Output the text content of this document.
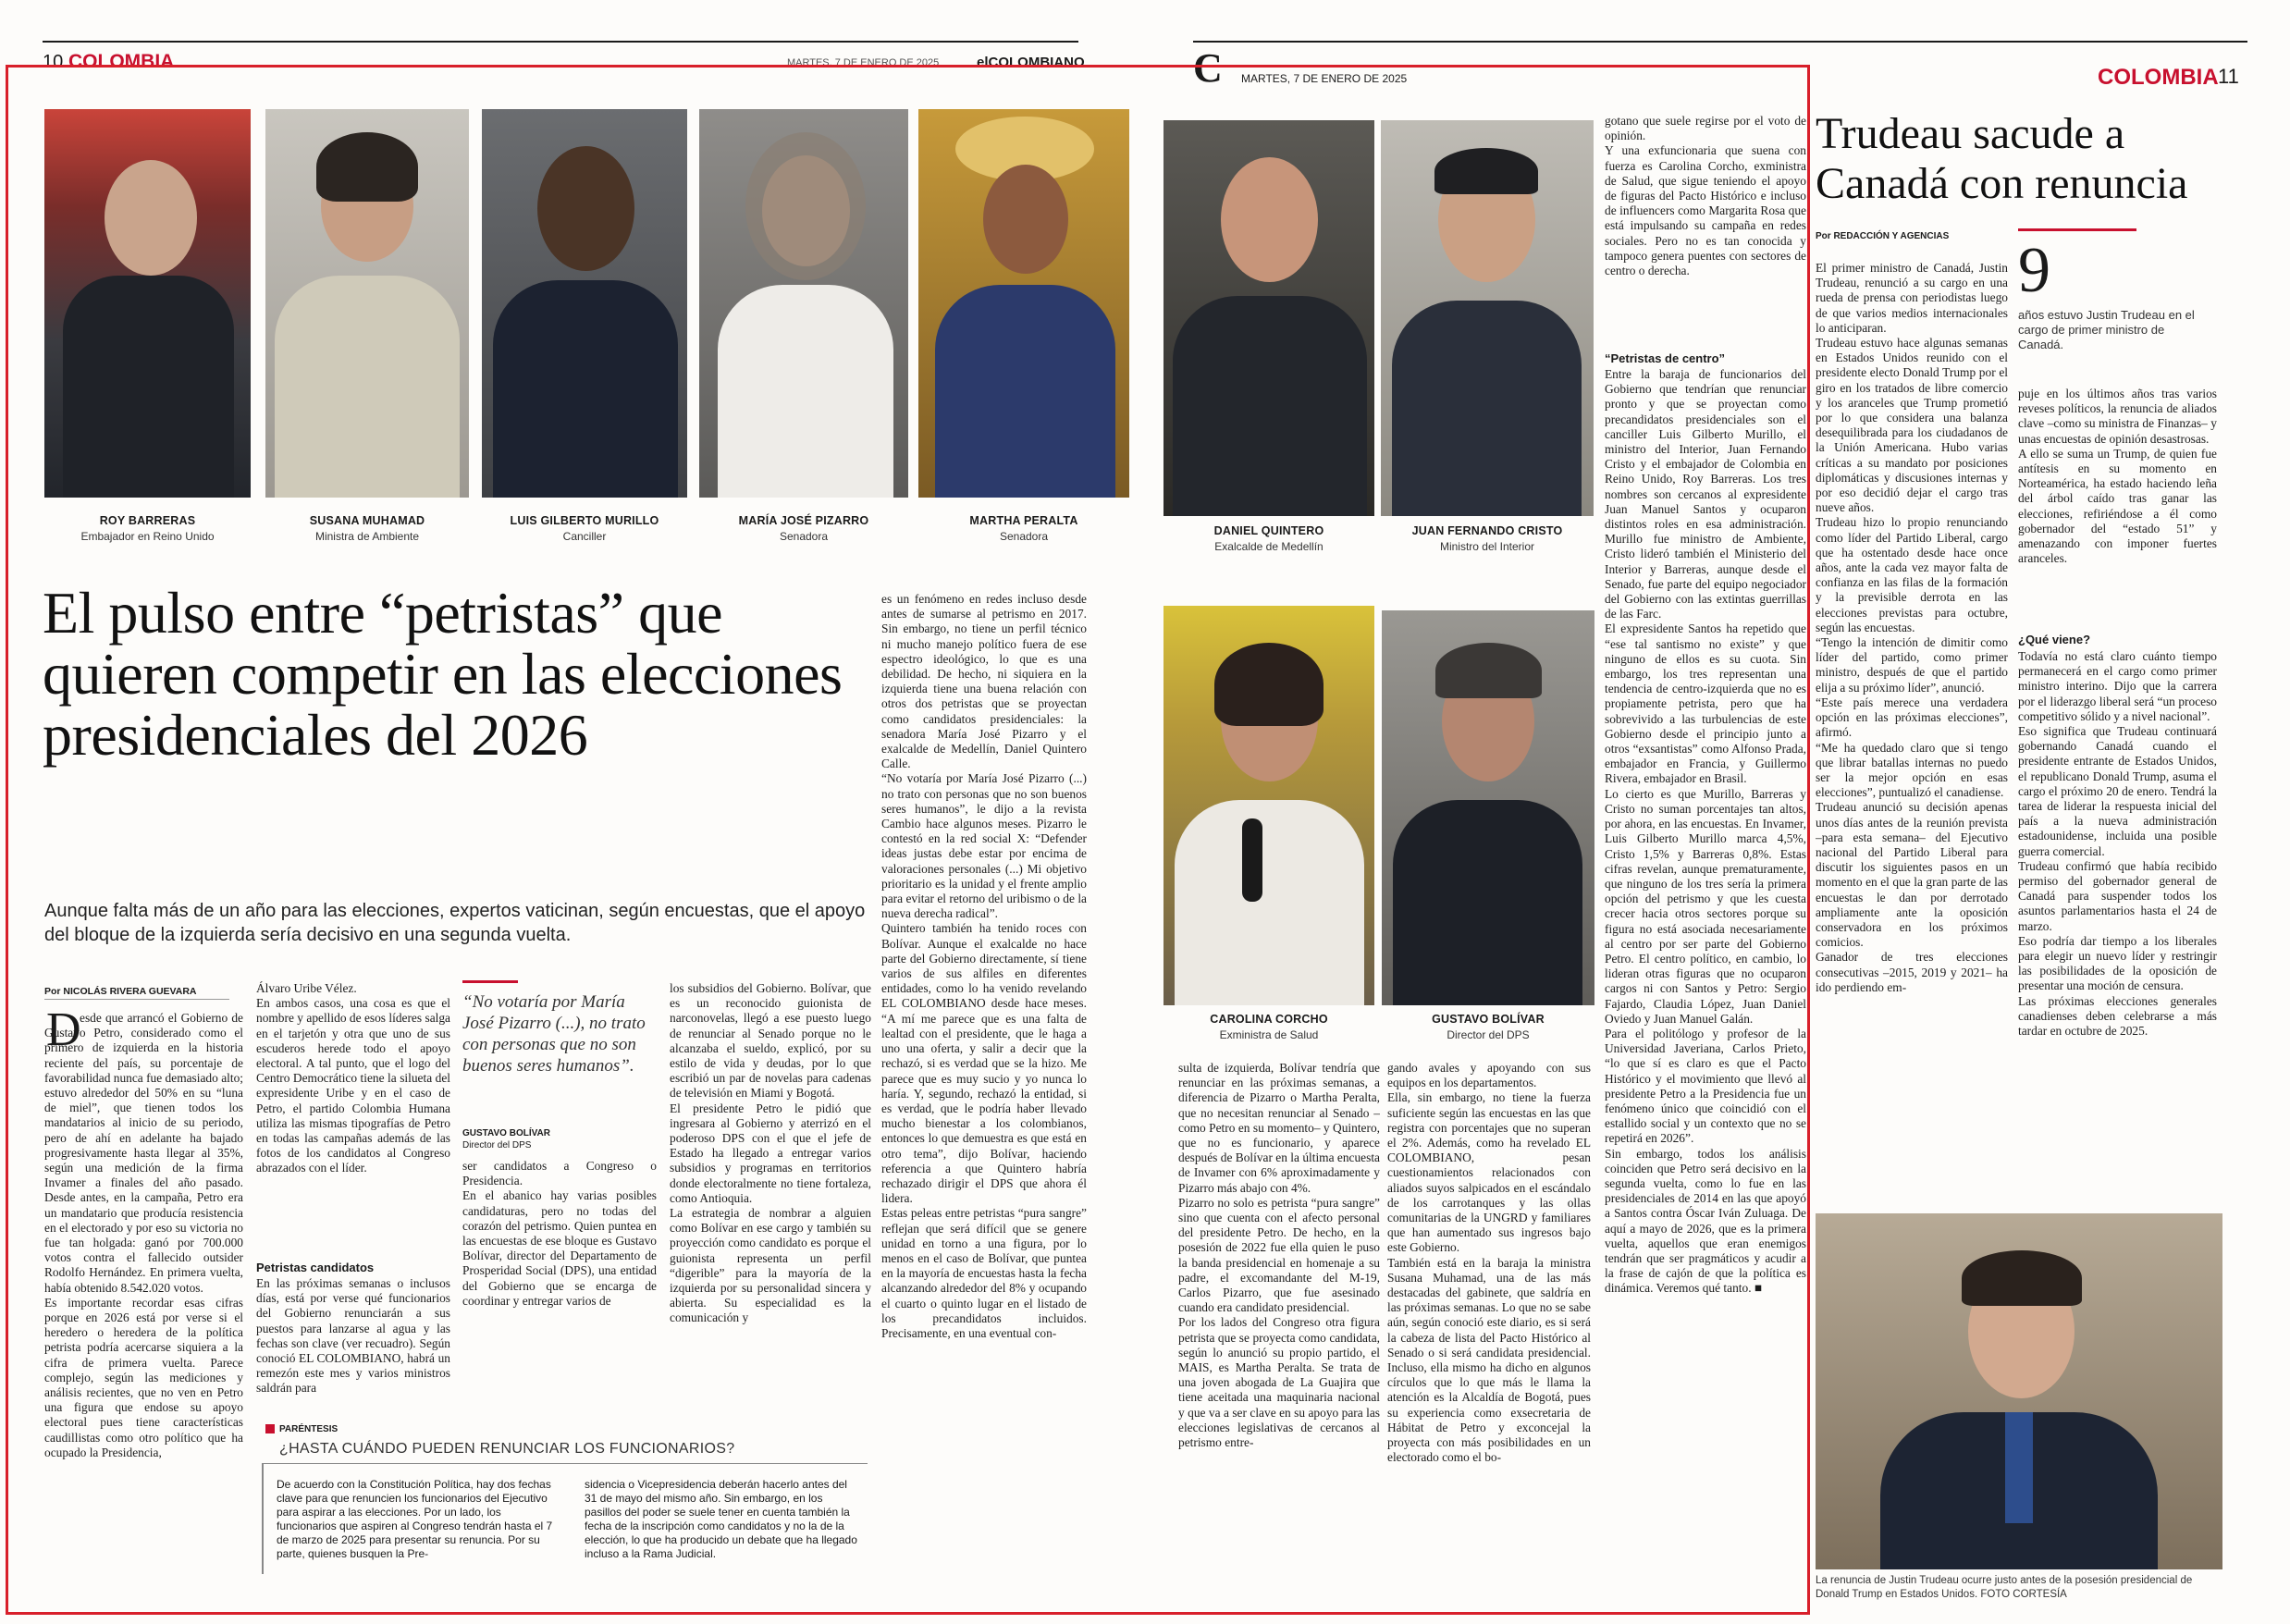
10 COLOMBIA	MARTES, 7 DE ENERO DE 2025	elCOLOMBIANO	C MARTES, 7 DE ENERO DE 2025	COLOMBIA 11
ROY BARRERAS
Embajador en Reino Unido
SUSANA MUHAMAD
Ministra de Ambiente
LUIS GILBERTO MURILLO
Canciller
MARÍA JOSÉ PIZARRO
Senadora
MARTHA PERALTA
Senadora	DANIEL QUINTERO
Exalcalde de Medellín
JUAN FERNANDO CRISTO
Ministro del Interior
CAROLINA CORCHO
Exministra de Salud
GUSTAVO BOLÍVAR
Director del DPS
El pulso entre “petristas” que quieren competir en las elecciones presidenciales del 2026
Aunque falta más de un año para las elecciones, expertos vaticinan, según encuestas, que el apoyo del bloque de la izquierda sería decisivo en una segunda vuelta.
Por NICOLÁS RIVERA GUEVARA
D
esde que arrancó el Gobierno de Gustavo Petro, considerado como el primero de izquierda en la historia reciente del país, su porcentaje de favorabilidad nunca fue demasiado alto; estuvo alrededor del 50% en su “luna de miel”, que tienen todos los mandatarios al inicio de su periodo, pero de ahí en adelante ha bajado progresivamente hasta llegar al 35%, según una medición de la firma Invamer a finales del año pasado. Desde antes, en la campaña, Petro era un mandatario que producía resistencia en el electorado y por eso su victoria no fue tan holgada: ganó por 700.000 votos contra el fallecido outsider Rodolfo Hernández. En primera vuelta, había obtenido 8.542.020 votos.
Es importante recordar esas cifras porque en 2026 está por verse si el heredero o heredera de la política petrista podría acercarse siquiera a la cifra de primera vuelta. Parece complejo, según las mediciones y análisis recientes, que no ven en Petro una figura que endose su apoyo electoral pues tiene características caudillistas como otro político que ha ocupado la Presidencia,
Álvaro Uribe Vélez.
En ambos casos, una cosa es que el nombre y apellido de esos líderes salga en el tarjetón y otra que uno de sus escuderos herede todo el apoyo electoral. A tal punto, que el logo del Centro Democrático tiene la silueta del expresidente Uribe y en el caso de Petro, el partido Colombia Humana utiliza las mismas tipografías de Petro en todas las campañas además de las fotos de los candidatos al Congreso abrazados con el líder.
Petristas candidatos
En las próximas semanas o inclusos días, está por verse qué funcionarios del Gobierno renunciarán a sus puestos para lanzarse al agua y las fechas son clave (ver recuadro). Según conoció EL COLOMBIANO, habrá un remezón este mes y varios ministros saldrán para
“No votaría por María José Pizarro (...), no trato con personas que no son buenos seres humanos”.
GUSTAVO BOLÍVAR
Director del DPS
ser candidatos a Congreso o Presidencia.
En el abanico hay varias posibles candidaturas, pero no todas del corazón del petrismo. Quien puntea en las encuestas de ese bloque es Gustavo Bolívar, director del Departamento de Prosperidad Social (DPS), una entidad del Gobierno que se encarga de coordinar y entregar varios de
los subsidios del Gobierno. Bolívar, que es un reconocido guionista de narconovelas, llegó a ese puesto luego de renunciar al Senado porque no le alcanzaba el sueldo, explicó, por su estilo de vida y deudas, por lo que escribió un par de novelas para cadenas de televisión en Miami y Bogotá.
El presidente Petro le pidió que ingresara al Gobierno y aterrizó en el poderoso DPS con el que el jefe de Estado ha llegado a entregar varios subsidios y programas en territorios donde electoralmente no tiene fortaleza, como Antioquia.
La estrategia de nombrar a alguien como Bolívar en ese cargo y también su proyección como candidato es porque el guionista representa un perfil “digerible” para la mayoría de la izquierda por su personalidad sincera y abierta. Su especialidad es la comunicación y
es un fenómeno en redes incluso desde antes de sumarse al petrismo en 2017. Sin embargo, no tiene un perfil técnico ni mucho manejo político fuera de ese espectro ideológico, lo que es una debilidad. De hecho, ni siquiera en la izquierda tiene una buena relación con otros dos petristas que se proyectan como candidatos presidenciales: la senadora María José Pizarro y el exalcalde de Medellín, Daniel Quintero Calle.
“No votaría por María José Pizarro (...) no trato con personas que no son buenos seres humanos”, le dijo a la revista Cambio hace algunos meses. Pizarro le contestó en la red social X: “Defender ideas justas debe estar por encima de valoraciones personales (...) Mi objetivo prioritario es la unidad y el frente amplio para evitar el retorno del uribismo o de la nueva derecha radical”.
Quintero también ha tenido roces con Bolívar. Aunque el exalcalde no hace parte del Gobierno directamente, sí tiene varios de sus alfiles en diferentes entidades, como lo ha venido revelando EL COLOMBIANO desde hace meses. “A mí me parece que es una falta de lealtad con el presidente, que le haga a uno una oferta, y salir a decir que la rechazó, si es verdad que se la hizo. Me parece que es muy sucio y yo nunca lo haría. Y, segundo, rechazó la entidad, si es verdad, que le podría haber llevado mucho bienestar a los colombianos, entonces lo que demuestra es que está en otro tema”, dijo Bolívar, haciendo referencia a que Quintero habría rechazado dirigir el DPS que ahora él lidera.
Estas peleas entre petristas “pura sangre” reflejan que será difícil que se genere unidad en torno a una figura, por lo menos en el caso de Bolívar, que puntea en la mayoría de encuestas hasta la fecha alcanzando alrededor del 8% y ocupando el cuarto o quinto lugar en el listado de los precandidatos incluidos. Precisamente, en una eventual con-
sulta de izquierda, Bolívar tendría que renunciar en las próximas semanas, a diferencia de Pizarro o Martha Peralta, que no necesitan renunciar al Senado –como Petro en su momento– y Quintero, que no es funcionario, y aparece después de Bolívar en la última encuesta de Invamer con 6% aproximadamente y Pizarro más abajo con 4%.
Pizarro no solo es petrista “pura sangre” sino que cuenta con el afecto personal del presidente Petro. De hecho, en la posesión de 2022 fue ella quien le puso la banda presidencial en homenaje a su padre, el excomandante del M-19, Carlos Pizarro, que fue asesinado cuando era candidato presidencial.
Por los lados del Congreso otra figura petrista que se proyecta como candidata, según lo anunció su propio partido, el MAIS, es Martha Peralta. Se trata de una joven abogada de La Guajira que tiene aceitada una maquinaria nacional y que va a ser clave en su apoyo para las elecciones legislativas de cercanos al petrismo entre-
gando avales y apoyando con sus equipos en los departamentos.
Ella, sin embargo, no tiene la fuerza suficiente según las encuestas en las que registra con porcentajes que no superan el 2%. Además, como ha revelado EL COLOMBIANO, pesan cuestionamientos relacionados con aliados suyos salpicados en el escándalo de los carrotanques y las ollas comunitarias de la UNGRD y familiares que han aumentado sus ingresos bajo este Gobierno.
También está en la baraja la ministra Susana Muhamad, una de las más destacadas del gabinete, que saldría en las próximas semanas. Lo que no se sabe aún, según conoció este diario, es si será la cabeza de lista del Pacto Histórico al Senado o si será candidata presidencial. Incluso, ella mismo ha dicho en algunos círculos que lo que más le llama la atención es la Alcaldía de Bogotá, pues su experiencia como exsecretaria de Hábitat de Petro y exconcejal la proyecta con más posibilidades en un electorado como el bo-
gotano que suele regirse por el voto de opinión.
Y una exfuncionaria que suena con fuerza es Carolina Corcho, exministra de Salud, que sigue teniendo el apoyo de figuras del Pacto Histórico e incluso de influencers como Margarita Rosa que está impulsando su campaña en redes sociales. Pero no es tan conocida y tampoco genera puentes con sectores de centro o derecha.
“Petristas de centro”
Entre la baraja de funcionarios del Gobierno que tendrían que renunciar pronto y que se proyectan como precandidatos presidenciales son el canciller Luis Gilberto Murillo, el ministro del Interior, Juan Fernando Cristo y el embajador de Colombia en Reino Unido, Roy Barreras. Los tres nombres son cercanos al expresidente Juan Manuel Santos y ocuparon distintos roles en esa administración. Murillo fue ministro de Ambiente, Cristo lideró también el Ministerio del Interior y Barreras, aunque desde el Senado, fue parte del equipo negociador del Gobierno con las extintas guerrillas de las Farc.
El expresidente Santos ha repetido que “ese tal santismo no existe” y que ninguno de ellos es su cuota. Sin embargo, los tres representan una tendencia de centro-izquierda que no es propiamente petrista, pero que ha sobrevivido a las turbulencias de este Gobierno desde el principio junto a otros “exsantistas” como Alfonso Prada, embajador en Francia, y Guillermo Rivera, embajador en Brasil.
Lo cierto es que Murillo, Barreras y Cristo no suman porcentajes tan altos, por ahora, en las encuestas. En Invamer, Luis Gilberto Murillo marca 4,5%, Cristo 1,5% y Barreras 0,8%. Estas cifras revelan, aunque prematuramente, que ninguno de los tres sería la primera opción del petrismo y que les cuesta crecer hacia otros sectores porque su figura no está asociada necesariamente al centro por ser parte del Gobierno Petro. El centro político, en cambio, lo lideran otras figuras que no ocuparon cargos ni con Santos y Petro: Sergio Fajardo, Claudia López, Juan Daniel Oviedo y Juan Manuel Galán.
Para el politólogo y profesor de la Universidad Javeriana, Carlos Prieto, “lo que sí es claro es que el Pacto Histórico y el movimiento que llevó al presidente Petro a la Presidencia fue un fenómeno único que coincidió con el estallido social y un contexto que no se repetirá en 2026”.
Sin embargo, todos los análisis coinciden que Petro será decisivo en la segunda vuelta, como lo fue en las presidenciales de 2014 en las que apoyó a Santos contra Óscar Iván Zuluaga. De aquí a mayo de 2026, que es la primera vuelta, aquellos que eran enemigos tendrán que ser pragmáticos y acudir a la frase de cajón de que la política es dinámica. Veremos qué tanto. ■
PARÉNTESIS
¿HASTA CUÁNDO PUEDEN RENUNCIAR LOS FUNCIONARIOS?
De acuerdo con la Constitución Política, hay dos fechas clave para que renuncien los funcionarios del Ejecutivo para aspirar a las elecciones. Por un lado, los funcionarios que aspiren al Congreso tendrán hasta el 7 de marzo de 2025 para presentar su renuncia. Por su parte, quienes busquen la Pre-
sidencia o Vicepresidencia deberán hacerlo antes del 31 de mayo del mismo año. Sin embargo, en los pasillos del poder se suele tener en cuenta también la fecha de la inscripción como candidatos y no la de la elección, lo que ha producido un debate que ha llegado incluso a la Rama Judicial.
Trudeau sacude a Canadá con renuncia
Por REDACCIÓN Y AGENCIAS	9
años estuvo Justin Trudeau en el cargo de primer ministro de Canadá.
El primer ministro de Canadá, Justin Trudeau, renunció a su cargo en una rueda de prensa con periodistas luego de que varios medios internacionales lo anticiparan.
Trudeau estuvo hace algunas semanas en Estados Unidos reunido con el presidente electo Donald Trump por el giro en los tratados de libre comercio y los aranceles que Trump prometió por lo que considera una balanza desequilibrada para los ciudadanos de la Unión Americana. Hubo varias críticas a su mandato por posiciones diplomáticas y discusiones internas y por eso decidió dejar el cargo tras nueve años.
Trudeau hizo lo propio renunciando como líder del Partido Liberal, cargo que ha ostentado desde hace once años, ante la cada vez mayor falta de confianza en las filas de la formación y la previsible derrota en las elecciones previstas para octubre, según las encuestas.
“Tengo la intención de dimitir como líder del partido, como primer ministro, después de que el partido elija a su próximo líder”, anunció.
“Este país merece una verdadera opción en las próximas elecciones”, afirmó.
“Me ha quedado claro que si tengo que librar batallas internas no puedo ser la mejor opción en esas elecciones”, puntualizó el canadiense.
Trudeau anunció su decisión apenas unos días antes de la reunión prevista –para esta semana– del Ejecutivo nacional del Partido Liberal para discutir los siguientes pasos en un momento en el que la gran parte de las encuestas le dan por derrotado ampliamente ante la oposición conservadora en los próximos comicios.
Ganador de tres elecciones consecutivas –2015, 2019 y 2021– ha ido perdiendo em-
puje en los últimos años tras varios reveses políticos, la renuncia de aliados clave –como su ministra de Finanzas– y unas encuestas de opinión desastrosas.
A ello se suma un Trump, de quien fue antítesis en su momento en Norteamérica, ha estado haciendo leña del árbol caído tras ganar las elecciones, refiriéndose a él como gobernador del “estado 51” y amenazando con imponer fuertes aranceles.
¿Qué viene?
Todavía no está claro cuánto tiempo permanecerá en el cargo como primer ministro interino. Dijo que la carrera por el liderazgo liberal será “un proceso competitivo sólido y a nivel nacional”.
Eso significa que Trudeau continuará gobernando Canadá cuando el presidente entrante de Estados Unidos, el republicano Donald Trump, asuma el cargo el próximo 20 de enero. Tendrá la tarea de liderar la respuesta inicial del país a la nueva administración estadounidense, incluida una posible guerra comercial.
Trudeau confirmó que había recibido permiso del gobernador general de Canadá para suspender todos los asuntos parlamentarios hasta el 24 de marzo.
Eso podría dar tiempo a los liberales para elegir un nuevo líder y restringir las posibilidades de la oposición de presentar una moción de censura.
Las próximas elecciones generales canadienses deben celebrarse a más tardar en octubre de 2025.
La renuncia de Justin Trudeau ocurre justo antes de la posesión presidencial de Donald Trump en Estados Unidos. FOTO CORTESÍA
